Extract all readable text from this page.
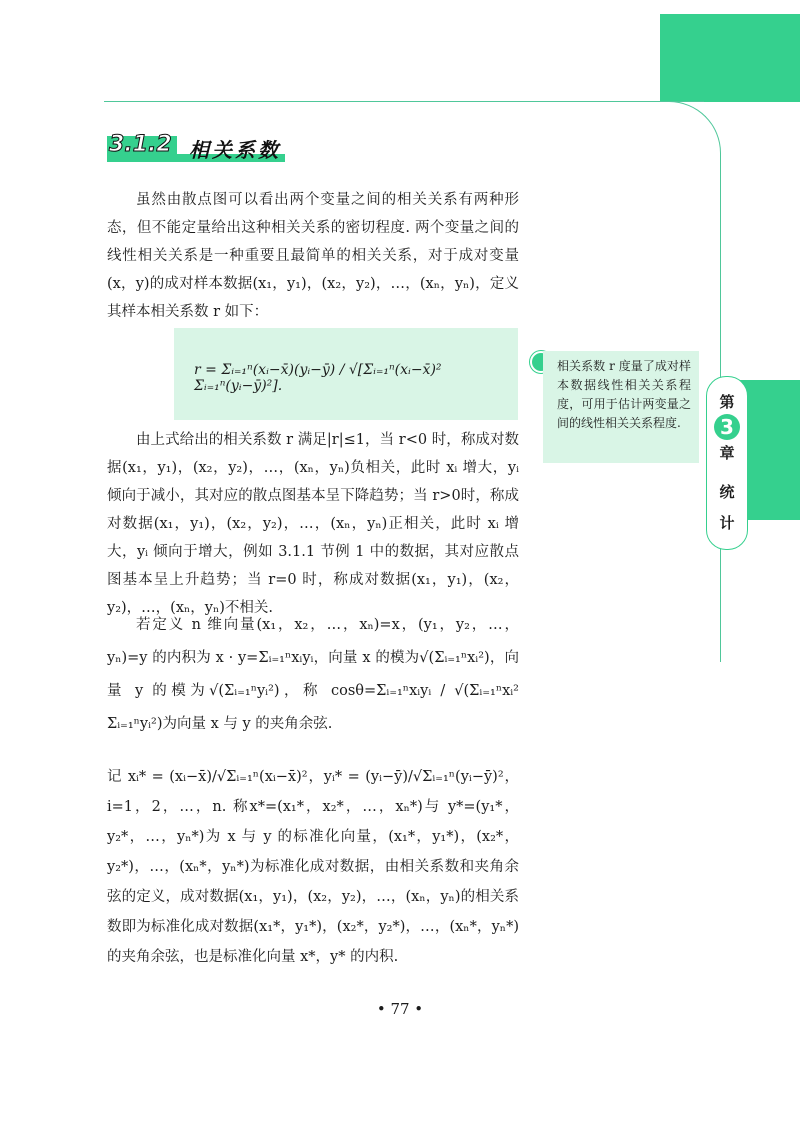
第
3
章
统
计
3.1.2 相关系数

虽然由散点图可以看出两个变量之间的相关关系有两种形态，但不能定量给出这种相关关系的密切程度. 两个变量之间的线性相关关系是一种重要且最简单的相关关系，对于成对变量(x，y)的成对样本数据(x₁，y₁)，(x₂，y₂)，…，(xₙ，yₙ)，定义其样本相关系数 r 如下：

r = Σᵢ₌₁ⁿ(xᵢ−x̄)(yᵢ−ȳ) / √[Σᵢ₌₁ⁿ(xᵢ−x̄)² Σᵢ₌₁ⁿ(yᵢ−ȳ)²].
相关系数 r 度量了成对样本数据线性相关关系程度，可用于估计两变量之间的线性相关关系程度.

由上式给出的相关系数 r 满足|r|≤1，当 r<0 时，称成对数据(x₁，y₁)，(x₂，y₂)，…，(xₙ，yₙ)负相关，此时 xᵢ 增大，yᵢ 倾向于减小，其对应的散点图基本呈下降趋势；当 r>0时，称成对数据(x₁，y₁)，(x₂，y₂)，…，(xₙ，yₙ)正相关，此时 xᵢ 增大，yᵢ 倾向于增大，例如 3.1.1 节例 1 中的数据，其对应散点图基本呈上升趋势；当 r=0 时，称成对数据(x₁，y₁)，(x₂，y₂)，…，(xₙ，yₙ)不相关.

若定义 n 维向量(x₁，x₂，…，xₙ)=x，(y₁，y₂，…，yₙ)=y 的内积为 x · y=Σᵢ₌₁ⁿxᵢyᵢ，向量 x 的模为√(Σᵢ₌₁ⁿxᵢ²)，向量 y 的模为√(Σᵢ₌₁ⁿyᵢ²)，称 cosθ=Σᵢ₌₁ⁿxᵢyᵢ / √(Σᵢ₌₁ⁿxᵢ² Σᵢ₌₁ⁿyᵢ²)为向量 x 与 y 的夹角余弦.

记 xᵢ* = (xᵢ−x̄)/√Σᵢ₌₁ⁿ(xᵢ−x̄)²，yᵢ* = (yᵢ−ȳ)/√Σᵢ₌₁ⁿ(yᵢ−ȳ)²，i=1，2，…，n. 称x*=(x₁*，x₂*，…，xₙ*)与 y*=(y₁*，y₂*，…，yₙ*)为 x 与 y 的标准化向量，(x₁*，y₁*)，(x₂*，y₂*)，…，(xₙ*，yₙ*)为标准化成对数据，由相关系数和夹角余弦的定义，成对数据(x₁，y₁)，(x₂，y₂)，…，(xₙ，yₙ)的相关系数即为标准化成对数据(x₁*，y₁*)，(x₂*，y₂*)，…，(xₙ*，yₙ*)的夹角余弦，也是标准化向量 x*，y* 的内积.

• 77 •
